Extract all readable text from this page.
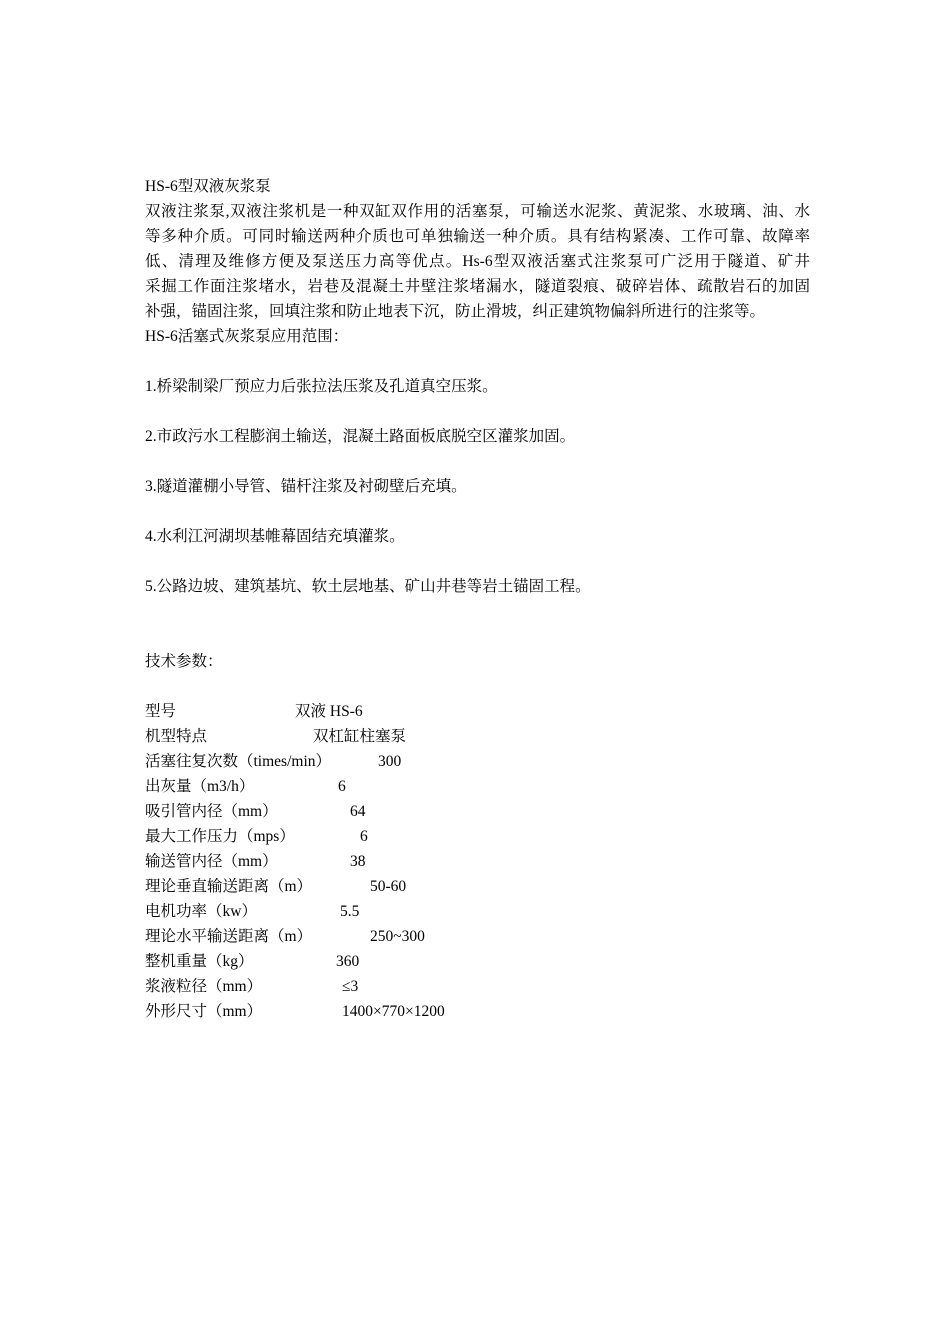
HS-6型双液灰浆泵

双液注浆泵,双液注浆机是一种双缸双作用的活塞泵，可输送水泥浆、黄泥浆、水玻璃、油、水
等多种介质。可同时输送两种介质也可单独输送一种介质。具有结构紧凑、工作可靠、故障率
低、清理及维修方便及泵送压力高等优点。Hs-6型双液活塞式注浆泵可广泛用于隧道、矿井
采掘工作面注浆堵水，岩巷及混凝土井壁注浆堵漏水，隧道裂痕、破碎岩体、疏散岩石的加固
补强，锚固注浆，回填注浆和防止地表下沉，防止滑坡，纠正建筑物偏斜所进行的注浆等。

HS-6活塞式灰浆泵应用范围：

1.桥梁制梁厂预应力后张拉法压浆及孔道真空压浆。
2.市政污水工程膨润土输送，混凝土路面板底脱空区灌浆加固。
3.隧道灌棚小导管、锚杆注浆及衬砌壁后充填。
4.水利江河湖坝基帷幕固结充填灌浆。
5.公路边坡、建筑基坑、软土层地基、矿山井巷等岩土锚固工程。

技术参数：

型号	双液 HS-6
机型特点	双杠缸柱塞泵
活塞往复次数（times/min）	300
出灰量（m3/h）	6
吸引管内径（mm）	64
最大工作压力（mps）	6
输送管内径（mm）	38
理论垂直输送距离（m）	50-60
电机功率（kw）	5.5
理论水平输送距离（m）	250~300
整机重量（kg）	360
浆液粒径（mm）	≤3
外形尺寸（mm）	1400×770×1200
